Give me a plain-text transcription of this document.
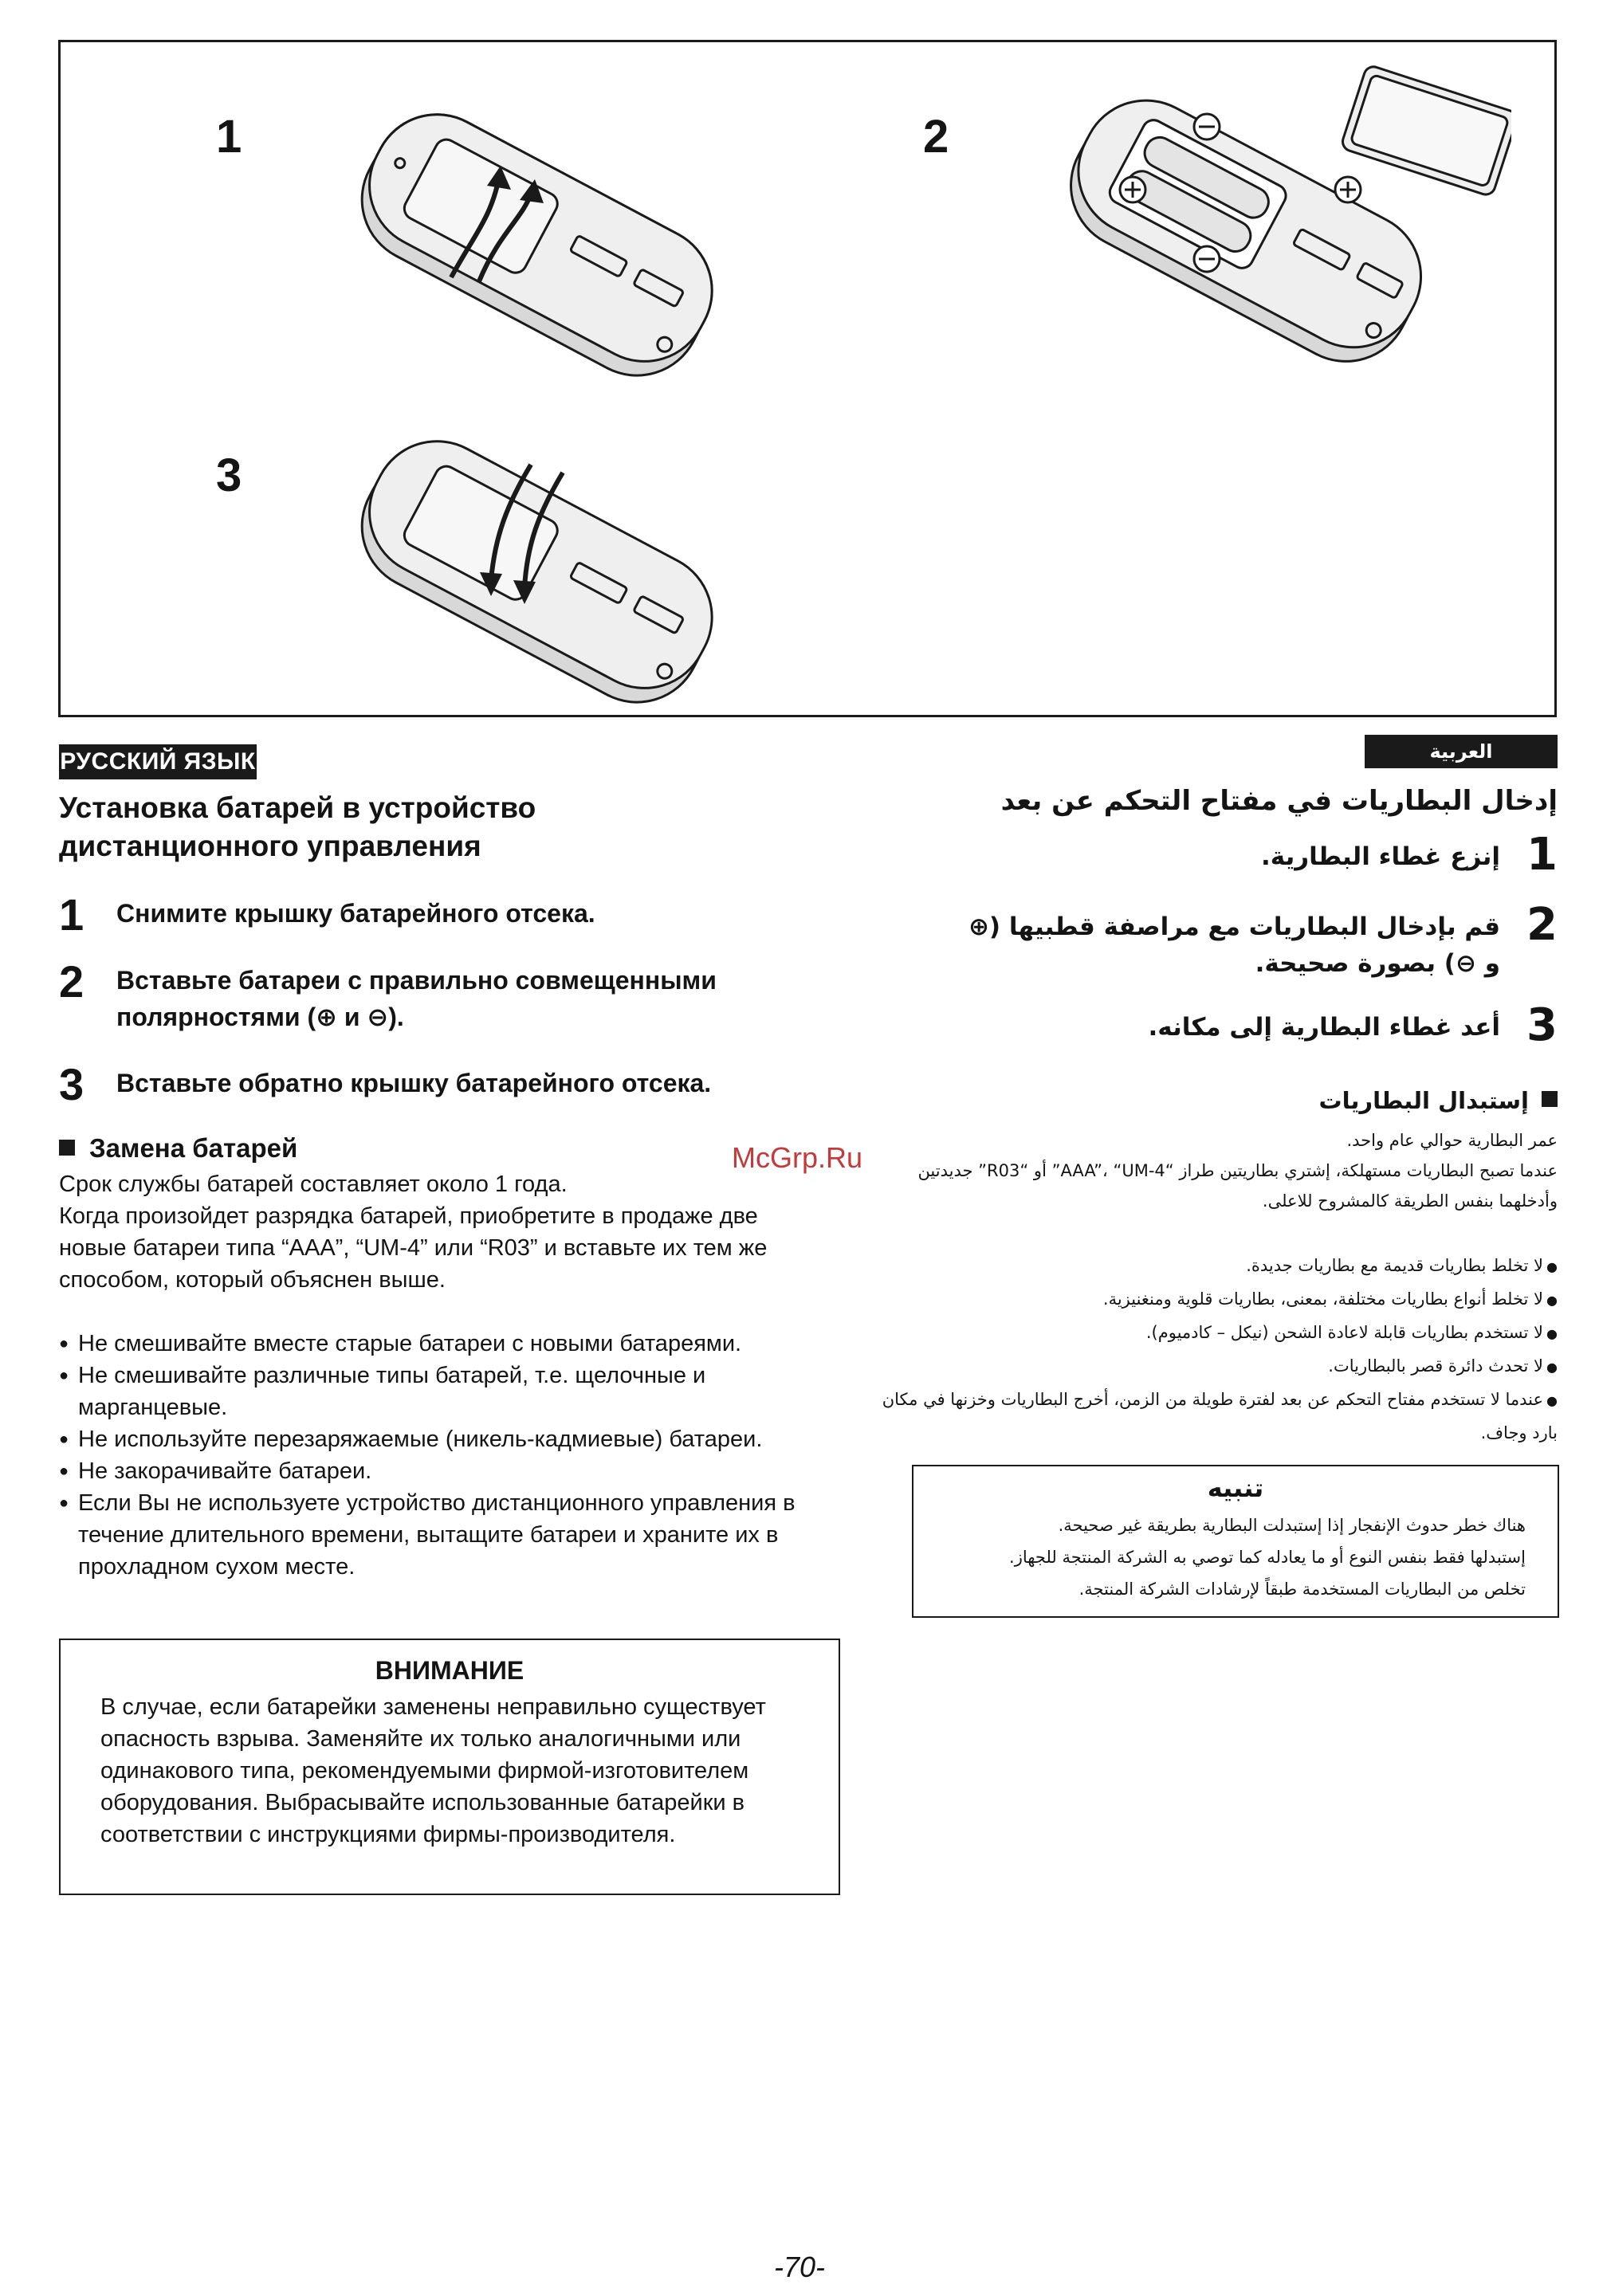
1	2
3
РУССКИЙ ЯЗЫК
Установка батарей в устройство
дистанционного управления
1 Снимите крышку батарейного отсека.
2 Вставьте батареи с правильно совмещенными полярностями (⊕ и ⊖).
3 Вставьте обратно крышку батарейного отсека.
Замена батарей

Срок службы батарей составляет около 1 года.

Когда произойдет разрядка батарей, приобретите в продаже две новые батареи типа “AAA”, “UM-4” или “R03” и вставьте их тем же способом, который объяснен выше.

● Не смешивайте вместе старые батареи с новыми батареями.
● Не смешивайте различные типы батарей, т.е. щелочные и марганцевые.
● Не используйте перезаряжаемые (никель-кадмиевые) батареи.
● Не закорачивайте батареи.
● Если Вы не используете устройство дистанционного управления в течение длительного времени, вытащите батареи и храните их в прохладном сухом месте.
ВНИМАНИЕ
В случае, если батарейки заменены неправильно существует опасность взрыва. Заменяйте их только аналогичными или одинакового типа, рекомендуемыми фирмой-изготовителем оборудования. Выбрасывайте использованные батарейки в соответствии с инструкциями фирмы-производителя.
McGrp.Ru
العربية
إدخال البطاريات في مفتاح التحكم عن بعد
1
إنزع غطاء البطارية.
2
قم بإدخال البطاريات مع مراصفة قطبيها (⊕ و ⊖) بصورة صحيحة.
3
أعد غطاء البطارية إلى مكانه.
إستبدال البطاريات

عمر البطارية حوالي عام واحد.

عندما تصبح البطاريات مستهلكة، إشتري بطاريتين طراز “AAA”، “UM-4” أو “R03” جديدتين وأدخلهما بنفس الطريقة كالمشروح للاعلى.

● لا تخلط بطاريات قديمة مع بطاريات جديدة.
● لا تخلط أنواع بطاريات مختلفة، بمعنى، بطاريات قلوية ومنغنيزية.
● لا تستخدم بطاريات قابلة لاعادة الشحن (نيكل – كادميوم).
● لا تحدث دائرة قصر بالبطاريات.
● عندما لا تستخدم مفتاح التحكم عن بعد لفترة طويلة من الزمن، أخرج البطاريات وخزنها في مكان بارد وجاف.
تنبيه
هناك خطر حدوث الإنفجار إذا إستبدلت البطارية بطريقة غير صحيحة.
إستبدلها فقط بنفس النوع أو ما يعادله كما توصي به الشركة المنتجة للجهاز.
تخلص من البطاريات المستخدمة طبقاً لإرشادات الشركة المنتجة.
-70-
